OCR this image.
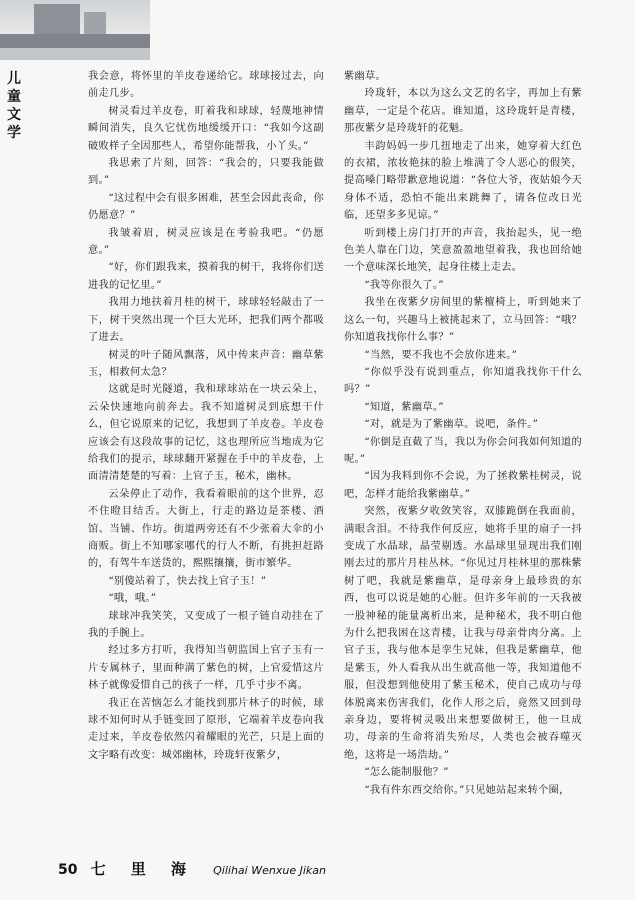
儿童文学

我会意，将怀里的羊皮卷递给它。球球接过去，向前走几步。

树灵看过羊皮卷，盯着我和球球，轻蔑地神情瞬间消失，良久它忧伤地缓缓开口：“我如今这副破败样子全因那些人，希望你能帮我，小丫头。”

我思索了片刻，回答：“我会的，只要我能做到。”

“这过程中会有很多困难，甚至会因此丧命，你仍愿意？”

我皱着眉，树灵应该是在考验我吧。“仍愿意。”

“好，你们跟我来，摸着我的树干，我将你们送进我的记忆里。”

我用力地扶着月桂的树干，球球轻轻敲击了一下，树干突然出现一个巨大光环，把我们两个都吸了进去。

树灵的叶子随风飘落，风中传来声音：幽草紫玉，相救何太急？

这就是时光隧道，我和球球站在一块云朵上，云朵快速地向前奔去。我不知道树灵到底想干什么，但它说原来的记忆，我想到了羊皮卷。羊皮卷应该会有这段故事的记忆，这也理所应当地成为它给我们的提示，球球翻开紧握在手中的羊皮卷，上面清清楚楚的写着：上官子玉，秘术，幽林。

云朵停止了动作，我看着眼前的这个世界，忍不住瞪目结舌。大街上，行走的路边是茶楼、酒馆、当铺、作坊。街道两旁还有不少张着大伞的小商贩。街上不知哪家哪代的行人不断，有挑担赶路的，有驾牛车送货的，熙熙攘攘，街市繁华。

“别傻站着了，快去找上官子玉！”

“哦，哦。”

球球冲我笑笑，又变成了一根子链自动挂在了我的手腕上。

经过多方打听，我得知当朝监国上官子玉有一片专属林子，里面种满了紫色的树，上官爱惜这片林子就像爱惜自己的孩子一样，几乎寸步不离。

我正在苦恼怎么才能找到那片林子的时候，球球不知何时从手链变回了原形，它端着羊皮卷向我走过来，羊皮卷依然闪着耀眼的光芒，只是上面的文字略有改变：城郊幽林，玲珑轩夜紫夕，

紫幽草。

玲珑轩，本以为这么文艺的名字，再加上有紫幽草，一定是个花店。谁知道，这玲珑轩是青楼，那夜紫夕是玲珑轩的花魁。

丰韵妈妈一步几扭地走了出来，她穿着大红色的衣裙，浓妆艳抹的脸上堆满了令人恶心的假笑，提高嗓门略带歉意地说道：“各位大爷，夜姑娘今天身体不适，恐怕不能出来跳舞了，请各位改日光临，还望多多见谅。”

听到楼上房门打开的声音，我抬起头，见一绝色美人靠在门边，笑意盈盈地望着我，我也回给她一个意味深长地笑，起身往楼上走去。

“我等你很久了。”

我坐在夜紫夕房间里的紫檀椅上，听到她来了这么一句，兴趣马上被挑起来了，立马回答：“哦？你知道我找你什么事？”

“当然，要不我也不会放你进来。”

“你似乎没有说到重点，你知道我找你干什么吗？”

“知道，紫幽草。”

“对，就是为了紫幽草。说吧，条件。”

“你倒是直截了当，我以为你会问我如何知道的呢。”

“因为我料到你不会说，为了拯救紫桂树灵，说吧，怎样才能给我紫幽草。”

突然，夜紫夕收敛笑容，双膝跪倒在我面前，满眼含泪。不待我作何反应，她将手里的扇子一抖变成了水晶球，晶莹剔透。水晶球里显现出我们刚刚去过的那片月桂丛林。“你见过月桂林里的那株紫树了吧，我就是紫幽草，是母亲身上最珍贵的东西，也可以说是她的心脏。但许多年前的一天我被一股神秘的能量离析出来，是种秘术，我不明白他为什么把我困在这青楼，让我与母亲骨肉分离。上官子玉，我与他本是孪生兄妹，但我是紫幽草，他是紫玉，外人看我从出生就高他一等，我知道他不服，但没想到他使用了紫玉秘术，使自己成功与母体脱离来伤害我们，化作人形之后，竟然又回到母亲身边，要将树灵吸出来想要做树王，他一旦成功，母亲的生命将消失殆尽，人类也会被吞噬灭绝，这将是一场浩劫。”

“怎么能制服他？”

“我有件东西交给你。”只见她站起来转个圈，

50 七 里 海 Qilihai Wenxue Jikan
